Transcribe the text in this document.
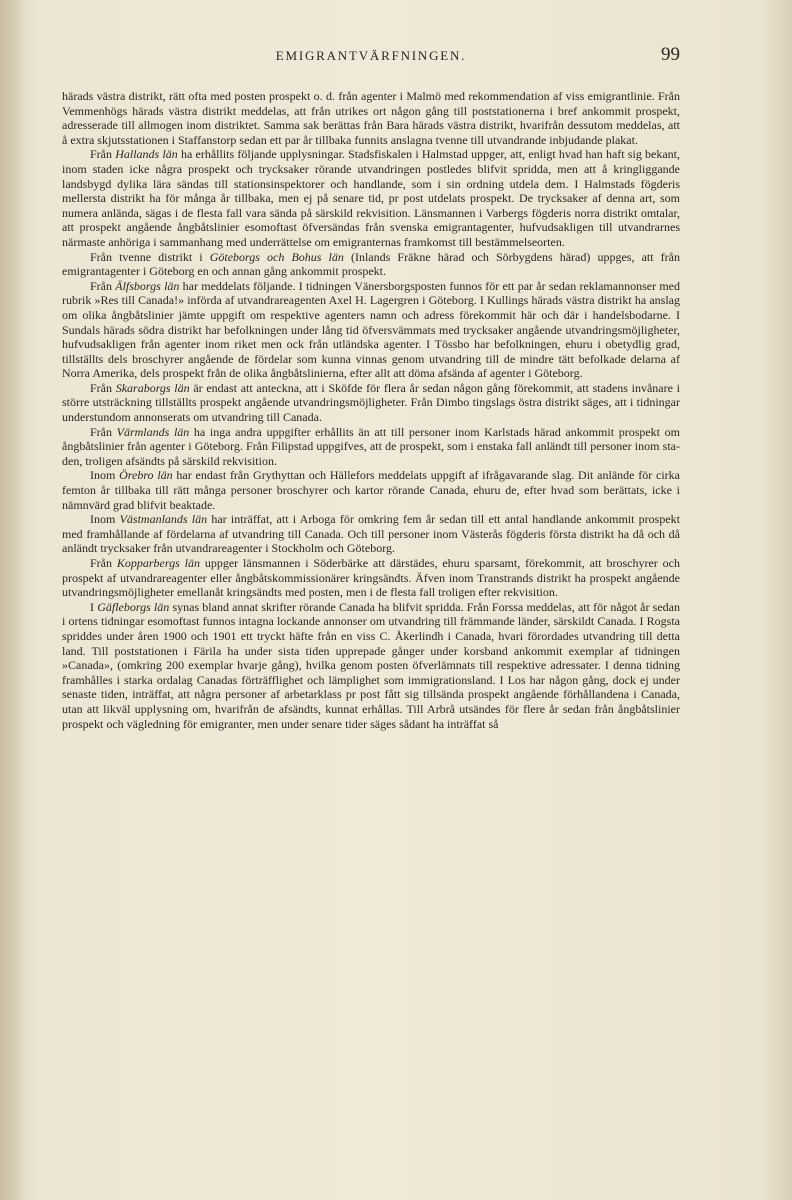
EMIGRANTVÄRFNINGEN.	99

härads västra distrikt, rätt ofta med posten prospekt o. d. från agenter i Malmö med rekommendation af viss emigrantlinie. Från Vemmenhögs härads västra distrikt meddelas, att från utrikes ort någon gång till poststationerna i bref ankommit prospekt, adresserade till allmogen inom distriktet. Samma sak berättas från Bara härads västra distrikt, hvarifrån dessutom meddelas, att å extra skjutsstationen i Staffanstorp sedan ett par år tillbaka funnits anslagna tvenne till utvandrande inbjudande plakat.

Från Hallands län ha erhållits följande upplysningar. Stadsfiskalen i Halmstad uppger, att, enligt hvad han haft sig bekant, inom staden icke några prospekt och trycksaker rörande utvandringen postledes blifvit spridda, men att å kringliggande landsbygd dylika lära sändas till stationsinspektorer och handlande, som i sin ordning utdela dem. I Halmstads fögderis mellersta distrikt ha för många år tillbaka, men ej på senare tid, pr post utdelats prospekt. De trycksaker af denna art, som numera anlända, sägas i de flesta fall vara sända på särskild rekvisition. Länsmannen i Varbergs fögderis norra distrikt omtalar, att prospekt angående ångbåtslinier esomoftast öfversändas från svenska emigrantagenter, hufvudsakligen till utvandrarnes närmaste anhöriga i sammanhang med underrättelse om emigranternas framkomst till bestämmelseorten.

Från tvenne distrikt i Göteborgs och Bohus län (Inlands Fräkne härad och Sörbygdens härad) uppges, att från emigrantagenter i Göteborg en och annan gång ankommit prospekt.

Från Älfsborgs län har meddelats följande. I tidningen Vänersborgsposten funnos för ett par år sedan reklamannonser med rubrik »Res till Canada!» införda af utvandrareagenten Axel H. Lagergren i Göteborg. I Kullings härads västra distrikt ha anslag om olika ångbåtslinier jämte uppgift om respektive agenters namn och adress förekommit här och där i handelsbodarne. I Sundals härads södra distrikt har befolkningen under lång tid öfversvämmats med trycksaker angående utvandringsmöjligheter, hufvudsakligen från agenter inom riket men ock från utländska agenter. I Tössbo har befolkningen, ehuru i obetydlig grad, tillställts dels broschyrer angående de fördelar som kunna vinnas genom utvandring till de mindre tätt befolkade delarna af Norra Amerika, dels prospekt från de olika ångbåtslinierna, efter allt att döma afsända af agenter i Göteborg.

Från Skaraborgs län är endast att anteckna, att i Sköfde för flera år sedan någon gång förekommit, att stadens invånare i större utsträckning tillställts prospekt angående utvandringsmöjligheter. Från Dimbo tingslags östra distrikt säges, att i tidningar understundom annonserats om utvandring till Canada.

Från Värmlands län ha inga andra uppgifter erhållits än att till personer inom Karlstads härad ankommit prospekt om ångbåtslinier från agenter i Göteborg. Från Filipstad uppgifves, att de prospekt, som i enstaka fall anländt till personer inom staden, troligen afsändts på särskild rekvisition.

Inom Örebro län har endast från Grythyttan och Hällefors meddelats uppgift af ifrågavarande slag. Dit anlände för cirka femton år tillbaka till rätt många personer broschyrer och kartor rörande Canada, ehuru de, efter hvad som berättats, icke i nämnvärd grad blifvit beaktade.

Inom Västmanlands län har inträffat, att i Arboga för omkring fem år sedan till ett antal handlande ankommit prospekt med framhållande af fördelarna af utvandring till Canada. Och till personer inom Västerås fögderis första distrikt ha då och då anländt trycksaker från utvandrareagenter i Stockholm och Göteborg.

Från Kopparbergs län uppger länsmannen i Söderbärke att därstädes, ehuru sparsamt, förekommit, att broschyrer och prospekt af utvandrareagenter eller ångbåtskommissionärer kringsändts. Äfven inom Transtrands distrikt ha prospekt angående utvandringsmöjligheter emellanåt kringsändts med posten, men i de flesta fall troligen efter rekvisition.

I Gäfleborgs län synas bland annat skrifter rörande Canada ha blifvit spridda. Från Forssa meddelas, att för något år sedan i ortens tidningar esomoftast funnos intagna lockande annonser om utvandring till främmande länder, särskildt Canada. I Rogsta spriddes under åren 1900 och 1901 ett tryckt häfte från en viss C. Åkerlindh i Canada, hvari förordades utvandring till detta land. Till poststationen i Färila ha under sista tiden upprepade gånger under korsband ankommit exemplar af tidningen »Canada», (omkring 200 exemplar hvarje gång), hvilka genom posten öfverlämnats till respektive adressater. I denna tidning framhålles i starka ordalag Canadas förträfflighet och lämplighet som immigrationsland. I Los har någon gång, dock ej under senaste tiden, inträffat, att några personer af arbetarklass pr post fått sig tillsända prospekt angående förhållandena i Canada, utan att likväl upplysning om, hvarifrån de afsändts, kunnat erhållas. Till Arbrå utsändes för flere år sedan från ångbåtslinier prospekt och vägledning för emigranter, men under senare tider säges sådant ha inträffat så
